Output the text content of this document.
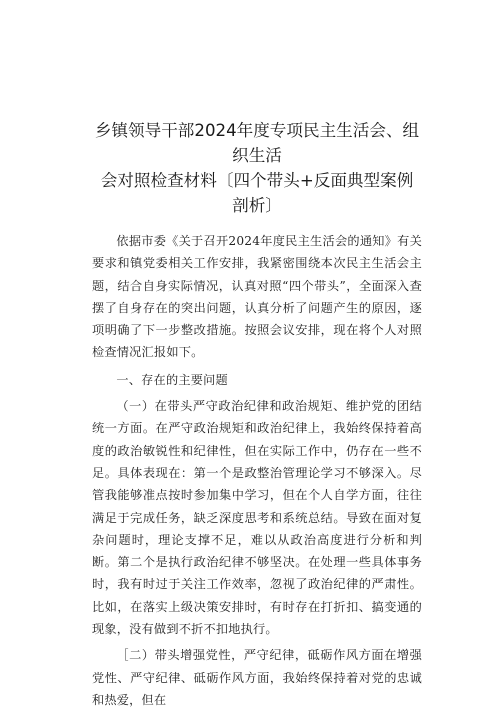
乡镇领导干部2024年度专项民主生活会、组织生活
会对照检查材料〔四个带头+反面典型案例
剖析〕

依据市委《关于召开2024年度民主生活会的通知》有关要求和镇党委相关工作安排，我紧密围绕本次民主生活会主题，结合自身实际情况，认真对照“四个带头”，全面深入查摆了自身存在的突出问题，认真分析了问题产生的原因，逐项明确了下一步整改措施。按照会议安排，现在将个人对照检查情况汇报如下。

一、存在的主要问题

（一）在带头严守政治纪律和政治规矩、维护党的团结统一方面。在严守政治规矩和政治纪律上，我始终保持着高度的政治敏锐性和纪律性，但在实际工作中，仍存在一些不足。具体表现在：第一个是政整治管理论学习不够深入。尽管我能够准点按时参加集中学习，但在个人自学方面，往往满足于完成任务，缺乏深度思考和系统总结。导致在面对复杂问题时，理论支撑不足，难以从政治高度进行分析和判断。第二个是执行政治纪律不够坚决。在处理一些具体事务时，我有时过于关注工作效率，忽视了政治纪律的严肃性。比如，在落实上级决策安排时，有时存在打折扣、搞变通的现象，没有做到不折不扣地执行。

［二）带头增强党性，严守纪律，砥砺作风方面在增强党性、严守纪律、砥砺作风方面，我始终保持着对党的忠诚和热爱，但在
